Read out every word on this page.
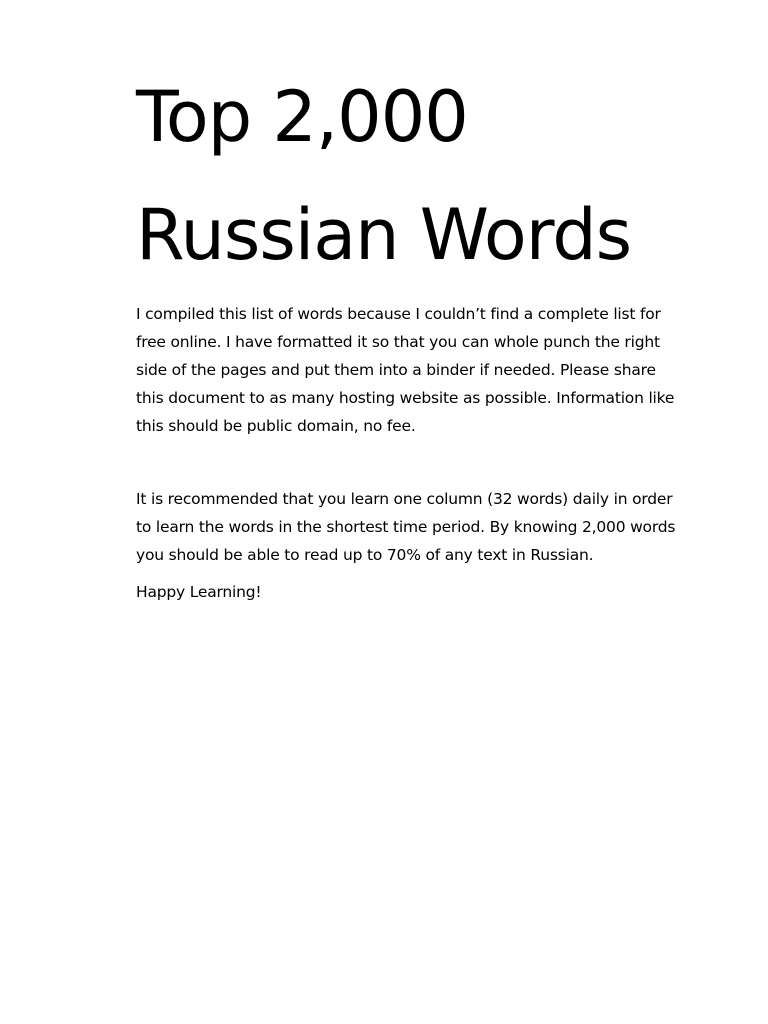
Top 2,000
Russian Words

I compiled this list of words because I couldn’t find a complete list for
free online. I have formatted it so that you can whole punch the right
side of the pages and put them into a binder if needed. Please share
this document to as many hosting website as possible. Information like
this should be public domain, no fee.

It is recommended that you learn one column (32 words) daily in order
to learn the words in the shortest time period. By knowing 2,000 words
you should be able to read up to 70% of any text in Russian.

Happy Learning!
